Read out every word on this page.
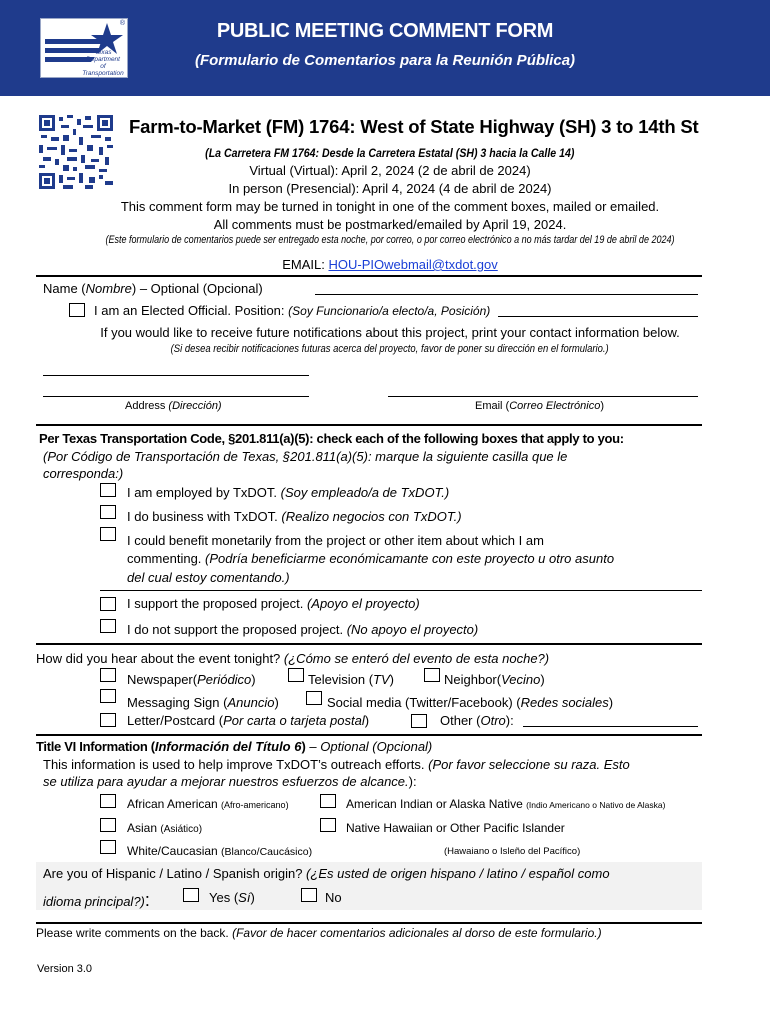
®
Texas
Department
of Transportation
PUBLIC MEETING COMMENT FORM
(Formulario de Comentarios para la Reunión Pública)
Farm-to-Market (FM) 1764: West of State Highway (SH) 3 to 14th St
(La Carretera FM 1764: Desde la Carretera Estatal (SH) 3 hacia la Calle 14)
Virtual (Virtual): April 2, 2024 (2 de abril de 2024)
In person (Presencial): April 4, 2024 (4 de abril de 2024)
This comment form may be turned in tonight in one of the comment boxes, mailed or emailed.
All comments must be postmarked/emailed by April 19, 2024.
(Este formulario de comentarios puede ser entregado esta noche, por correo, o por correo electrónico a no más tardar del 19 de abril de 2024)
EMAIL: HOU-PIOwebmail@txdot.gov
Name (Nombre) – Optional (Opcional)
I am an Elected Official. Position: (Soy Funcionario/a electo/a, Posición)
If you would like to receive future notifications about this project, print your contact information below.
(Si desea recibir notificaciones futuras acerca del proyecto, favor de poner su dirección en el formulario.)
Address (Dirección)	Email (Correo Electrónico)
Per Texas Transportation Code, §201.811(a)(5): check each of the following boxes that apply to you:
(Por Código de Transportación de Texas, §201.811(a)(5): marque la siguiente casilla que le
corresponda:)
I am employed by TxDOT. (Soy empleado/a de TxDOT.)
I do business with TxDOT. (Realizo negocios con TxDOT.)
I could benefit monetarily from the project or other item about which I am
commenting. (Podría beneficiarme económicamante con este proyecto u otro asunto
del cual estoy comentando.)
I support the proposed project. (Apoyo el proyecto)
I do not support the proposed project. (No apoyo el proyecto)
How did you hear about the event tonight? (¿Cómo se enteró del evento de esta noche?)
Newspaper(Periódico)	Television (TV)	Neighbor(Vecino)
Messaging Sign (Anuncio)	Social media (Twitter/Facebook) (Redes sociales)
Letter/Postcard (Por carta o tarjeta postal)	Other (Otro):
Title VI Information (Información del Título 6) – Optional (Opcional)
This information is used to help improve TxDOT’s outreach efforts. (Por favor seleccione su raza. Esto
se utiliza para ayudar a mejorar nuestros esfuerzos de alcance.):
African American (Afro-americano)	American Indian or Alaska Native (Indio Americano o Nativo de Alaska)
Asian (Asiático)	Native Hawaiian or Other Pacific Islander
White/Caucasian (Blanco/Caucásico)	(Hawaiano o Isleño del Pacífico)
Are you of Hispanic / Latino / Spanish origin? (¿Es usted de origen hispano / latino / español como
idioma principal?):	Yes (Sí)	No
Please write comments on the back. (Favor de hacer comentarios adicionales al dorso de este formulario.)
Version 3.0
